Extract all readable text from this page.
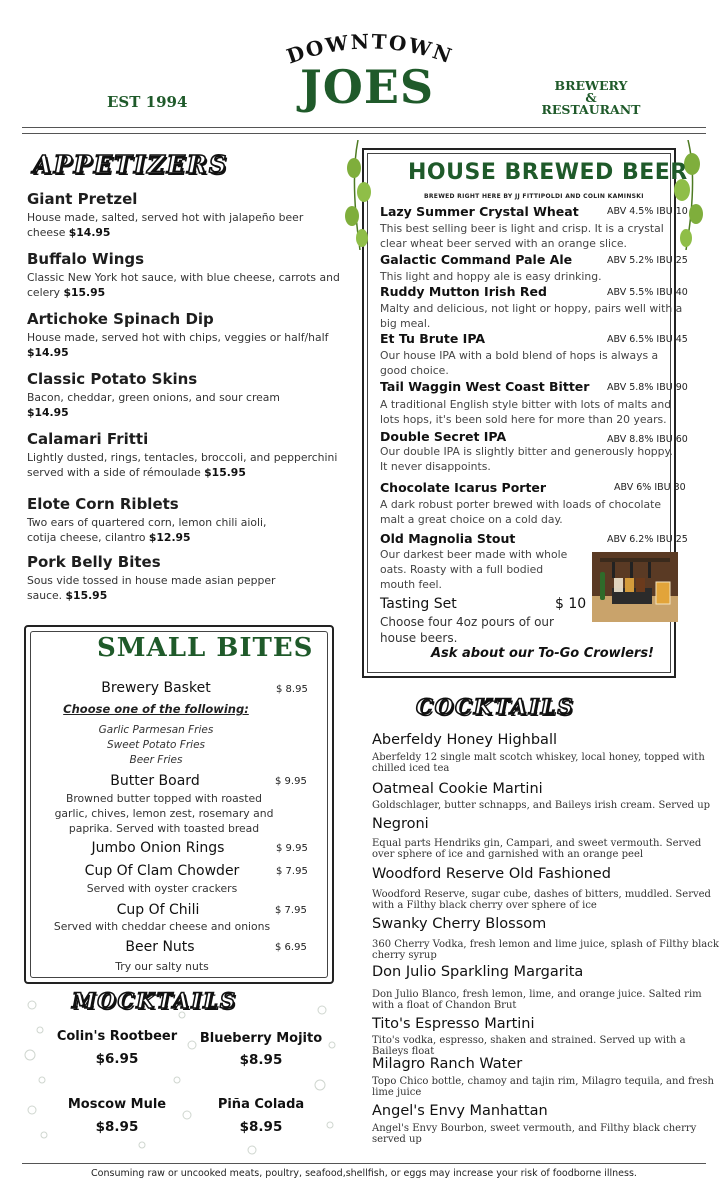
DOWNTOWN
JOES
EST 1994
BREWERY
&
RESTAURANT
APPETIZERS
Giant Pretzel
House made, salted, served hot with jalapeño beer cheese $14.95
Buffalo Wings
Classic New York hot sauce, with blue cheese, carrots and celery $15.95
Artichoke Spinach Dip
House made, served hot with chips, veggies or half/half
$14.95
Classic Potato Skins
Bacon, cheddar, green onions, and sour cream
$14.95
Calamari Fritti
Lightly dusted, rings, tentacles, broccoli, and pepperchini served with a side of rémoulade $15.95
Elote Corn Riblets
Two ears of quartered corn, lemon chili aioli, cotija cheese, cilantro $12.95
Pork Belly Bites
Sous vide tossed in house made asian pepper sauce. $15.95
HOUSE BREWED BEER
BREWED RIGHT HERE BY JJ FITTIPOLDI AND COLIN KAMINSKI
Lazy Summer Crystal Wheat	ABV 4.5% IBU 10
This best selling beer is light and crisp. It is a crystal clear wheat beer served with an orange slice.
Galactic Command Pale Ale	ABV 5.2% IBU 25
This light and hoppy ale is easy drinking.
Ruddy Mutton Irish Red	ABV 5.5% IBU 40
Malty and delicious, not light or hoppy, pairs well with a big meal.
Et Tu Brute IPA	ABV 6.5% IBU 45
Our house IPA with a bold blend of hops is always a good choice.
Tail Waggin West Coast Bitter ABV 5.8% IBU 90
A traditional English style bitter with lots of malts and lots hops, it's been sold here for more than 20 years.
Double Secret IPA	ABV 8.8% IBU 60
Our double IPA is slightly bitter and generously hoppy. It never disappoints.
Chocolate Icarus Porter	ABV 6% IBU 30
A dark robust porter brewed with loads of chocolate malt a great choice on a cold day.
Old Magnolia Stout	ABV 6.2% IBU 25
Our darkest beer made with whole oats. Roasty with a full bodied mouth feel.
Tasting Set	$ 10
Choose four 4oz pours of our house beers.
Ask about our To-Go Crowlers!
SMALL BITES
Brewery Basket	$ 8.95
Choose one of the following:
Garlic Parmesan Fries
Sweet Potato Fries
Beer Fries
Butter Board	$ 9.95
Browned butter topped with roasted garlic, chives, lemon zest, rosemary and paprika. Served with toasted bread
Jumbo Onion Rings	$ 9.95
Cup Of Clam Chowder	$ 7.95
Served with oyster crackers
Cup Of Chili	$ 7.95
Served with cheddar cheese and onions
Beer Nuts	$ 6.95
Try our salty nuts
MOCKTAILS
Colin's Rootbeer
$6.95
Blueberry Mojito
$8.95
Moscow Mule
$8.95
Piña Colada
$8.95
COCKTAILS
Aberfeldy Honey Highball
Aberfeldy 12 single malt scotch whiskey, local honey, topped with chilled iced tea
Oatmeal Cookie Martini
Goldschlager, butter schnapps, and Baileys irish cream. Served up
Negroni
Equal parts Hendriks gin, Campari, and sweet vermouth. Served over sphere of ice and garnished with an orange peel
Woodford Reserve Old Fashioned
Woodford Reserve, sugar cube, dashes of bitters, muddled. Served with a Filthy black cherry over sphere of ice
Swanky Cherry Blossom
360 Cherry Vodka, fresh lemon and lime juice, splash of Filthy black cherry syrup
Don Julio Sparkling Margarita
Don Julio Blanco, fresh lemon, lime, and orange juice. Salted rim with a float of Chandon Brut
Tito's Espresso Martini
Tito's vodka, espresso, shaken and strained. Served up with a Baileys float
Milagro Ranch Water
Topo Chico bottle, chamoy and tajin rim, Milagro tequila, and fresh lime juice
Angel's Envy Manhattan
Angel's Envy Bourbon, sweet vermouth, and Filthy black cherry served up
Consuming raw or uncooked meats, poultry, seafood,shellfish, or eggs may increase your risk of foodborne illness.
